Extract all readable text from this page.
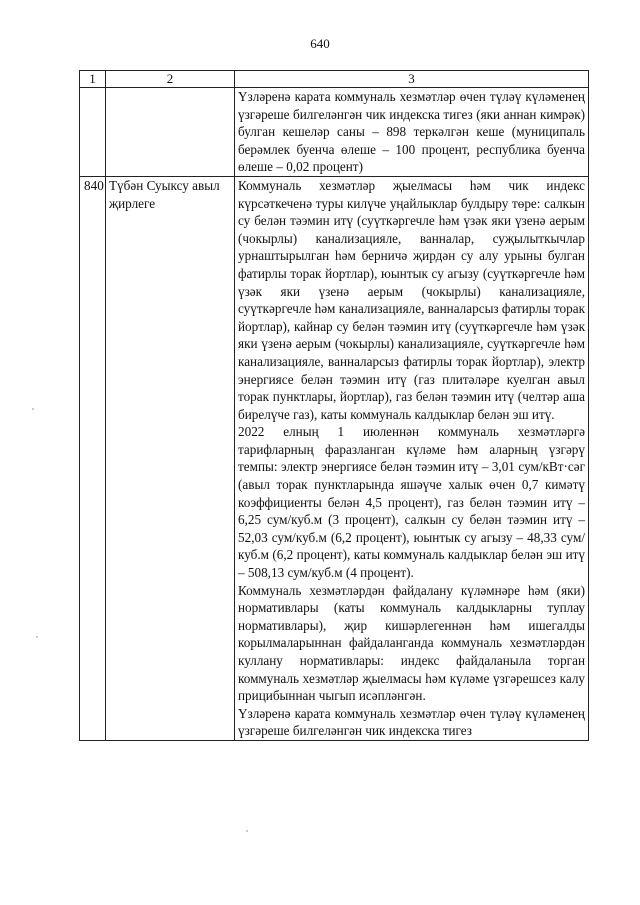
640
1	2	3

		Үзләренә карата коммуналь хезмәтләр өчен түләү күләменең үзгәреше билгеләнгән чик индекска тигез (яки аннан кимрәк) булган кешеләр саны – 898 теркәлгән кеше (муниципаль берәмлек буенча өлеше – 100 процент, республика буенча өлеше – 0,02 процент)

840	Түбән Суыксу авыл җирлеге	Коммуналь хезмәтләр җыелмасы һәм чик индекс күрсәткеченә туры килүче уңайлыклар булдыру төре: салкын су белән тәэмин итү (суүткәргечле һәм үзәк яки үзенә аерым (чокырлы) канализацияле, ванналар, суҗылыткычлар урнаштырылган һәм берничә җирдән су алу урыны булган фатирлы торак йортлар), юынтык су агызу (суүткәргечле һәм үзәк яки үзенә аерым (чокырлы) канализацияле, суүткәргечле һәм канализацияле, ванналарсыз фатирлы торак йортлар), кайнар су белән тәэмин итү (суүткәргечле һәм үзәк яки үзенә аерым (чокырлы) канализацияле, суүткәргечле һәм канализацияле, ванналарсыз фатирлы торак йортлар), электр энергиясе белән тәэмин итү (газ плитәләре куелган авыл торак пунктлары, йортлар), газ белән тәэмин итү (челтәр аша бирелүче газ), каты коммуналь калдыклар белән эш итү.

2022 елның 1 июленнән коммуналь хезмәтләргә тарифларның фаразланган күләме һәм аларның үзгәрү темпы: электр энергиясе белән тәэмин итү – 3,01 сум/кВт·сәг (авыл торак пунктларында яшәүче халык өчен 0,7 кимәтү коэффициенты белән 4,5 процент), газ белән тәэмин итү – 6,25 сум/куб.м (3 процент), салкын су белән тәэмин итү – 52,03 сум/куб.м (6,2 процент), юынтык су агызу – 48,33 сум/куб.м (6,2 процент), каты коммуналь калдыклар белән эш итү – 508,13 сум/куб.м (4 процент).

Коммуналь хезмәтләрдән файдалану күләмнәре һәм (яки) нормативлары (каты коммуналь калдыкларны туплау нормативлары), җир кишәрлегеннән һәм ишегалды корылмаларыннан файдаланганда коммуналь хезмәтләрдән куллану нормативлары: индекс файдаланыла торган коммуналь хезмәтләр җыелмасы һәм күләме үзгәрешсез калу прицибыннан чыгып исәпләнгән.

Үзләренә карата коммуналь хезмәтләр өчен түләү күләменең үзгәреше билгеләнгән чик индекска тигез
